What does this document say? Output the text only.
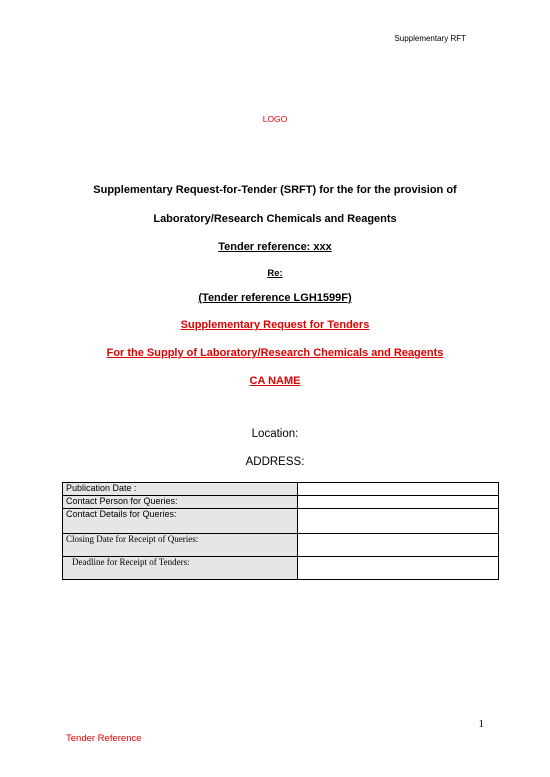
Supplementary RFT
LOGO
Supplementary Request-for-Tender (SRFT) for the for the provision of
Laboratory/Research Chemicals and Reagents
Tender reference: xxx
Re:
(Tender reference LGH1599F)
Supplementary Request for Tenders
For the Supply of Laboratory/Research Chemicals and Reagents
CA NAME
Location:
ADDRESS:
Publication Date :	
Contact Person for Queries:	
Contact Details for Queries:	
Closing Date for Receipt of Queries:	
Deadline for Receipt of Tenders:	
1
Tender Reference
